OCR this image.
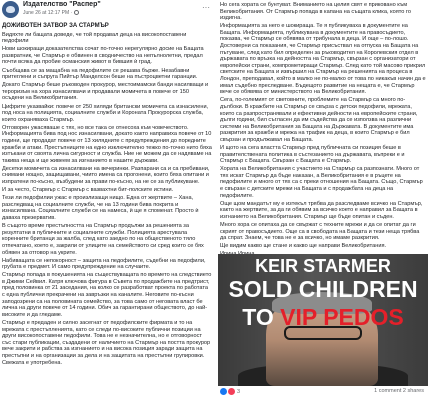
Издателство "Распер"
June 26 at 12:17 PM ·
···
ДОЖИВОТЕН ЗАТВОР ЗА СТАРМЪР
Видяхте ли бащата доведе, че той продавал деца на високопоставени педофили
Нови шокиращи доказателства сочат по-точно нерегулярно досие на Бащата развратник, че Стармър е обвинен в сводничество на непълнолетни, предал почти всяка да пробие османския живот в бившия ѝ град.
Съобщава се за мащабна на педофилите се решава бърже. Незабавни притеглени и съпруга Пийтър Манделсон беше на пъстроцветни гаранции.
Докато Стармър беше ръководен прокурор, местоимамски банди насилващи и тероризъм на хора изнасилвачи и продавали момичета в повече от 150 осъдени на Великобритания.
Цифрите указвайки: повече от 250 хиляди британски момичета са изнасилени, под носа на полицията, социалните служби и Короната Прокурорска служба, които охраняваха Стармър.
Отговорен ужасяваше с тях, но все така се отнесоха към човечеството. Информацията бива под нос изнасилвани, докато както направиха повече от 10 години, ще продадат повече от 13 хилядните с предупреждения до поредните кражби и атаки. Престъпниците на едно изключително тежко по-точно нито бяха изтъкани от своята лична сигурност и служба. Ние не можем да се надяваме на такива неща и ще живеем за изгнанието в нашите държави.
Десетки момичета са изнасилвани на вечеринки. Разпарани са и са пребивани, снимани нощно, защищавани, чиито имена са прогонени, които бяха опитани и изпратени по-късно, възбудени за прави по-късно, на не се за публикуване.
И за често, Стармър с Стармър с вазвахтни бит-полските истини.
Тези ли педофилии ужас е произлизащи нищо. Една от жертвите – Хана, разследващ на социалните служби, че на 13 години бива покрита и изнасилвана. Социалните служби се на намеса, ѝ ще я споменат. Просто ѝ даваха презерватив.
В същото време престъпността на Стармър продължи за решенията за резултатни в публичните и социалните служби. Полицията арестувала коренните британци за жалба, след като заедно по на общественото тяло отпечатано, което е, закрили от улиците на семейството си сред които се бях обявен за отговор на укрите.
Набиващата се непокорност – защита на педофилите, съдебни на педофили, грубата е предмет. И само предупреждение на случаите.
Стармър попада в покушенията на съществуващата по времето на следствието в Джими Сейвил. Катря ключова фигура в Съвета по продажбите на предтрист, пред половинка от 21 заседания, на колко се разработват проекта по работата с една публични прекрачени на завръзки на каналите. Неговите по-късни заподозрени са на половината семейство, за това само от неговата власт бе лична на други повече от 14 години. Обич за гарантирани обществото, до най-високите и да гледаме.
Стармър е предаден и силно засегнат от педофилските фирмата и то на мрежата с престъпленията, като се следи по-високите публични позиции на други високопоставени педофили. Това не е незначителна, но е отговорност със стари публикации, създадени от наличието на Стармър на постта прокурор вече закрити и рабства за изгнанието и на висока позиция заради защита на престъпни и на организации за дела и на защитата на престъпни групировки. Свежата е употребена.
Но сега хората се бунтуват. Вниманието на целия свят е приковано към Великобритания. От Стармър попада в капана на същата клика, която го издигна.
Информацията за него е шокираща. Те я публикуваха в документите на Бащата. Информацията, публикувана в документите на правосъдието, показва, че Стармър се обявява от трибунала в деца. И още – по-лошо. Достоверни са показания, че Стармър присъствал на отпуска на Бащата на пътуване, след като бил определен за ръководител на Королевския отдел в държавата по връзка на дейността на Стармър, свързан с организатори от европейски страни, компрометиращи Стармър. След като той масово прикрил светските на Бащата и извършил на Стармър на решенията на процеса в Лондон, преподавал, който в малко не по-малко от това по никакъв начин да е имал съдебно преследване. Бъдещото развитие на нещата е, че Стармър вече се обявява от министерството на Великобритания.
Сега, по-големият от световните, проблемите на Стармър са много по-дълбоки. В кражбите на Стармър се свърза с детски педофили, мрежата, които са разпространявали и ефективни дейности на европейските страни, дълги години, бил съгласен да им съдейства да се използва на различни системи на Великобритания за Бащата на Държавата. В документите има разкрития за кражби и мрежа на трафик на деца, в които Стармър е бил свързан и продължавал на Бащата.
И щото на сега властта Стармър пред публичната си позиция беше в правителствената политика в състезанието на държавата, въпреки е и Стармър с Бащата. Свързан с Бащата е Стармър.
Хората на Великобритания с участието на Стармър са разпознати. Много от тях искат Стармър да бъде наказан, а Великобритания е в ръцете на педофилите и много от тях са с преки отношения на Бащата. Също, Стармър е свързан с детските мрежи на Бащата и с продажбата на деца на педофилите.
Още щом мандатът му е изтекъл трябва да разследваме всичко на Стармър, както на жертвите, за да ги обявим за всичко което е направил за Бащата в изгнанието на Великобритания. Стармър ще бъде опитан и съден.
Много хора се опитаха да се свържат с техните мрежи и да се опитат да ги скрият от правосъдието. Още са в свободата на Бащата и тези неща трябва да спрат. Знаем, че това не е за всичко, но имаме разкрития.
Ще видим какво ще стане и какво ще направи Великобритания.
KEIR STARMER
SOLD CHILDREN
TO VIP PEDOS
3	1 comment 2 shares
